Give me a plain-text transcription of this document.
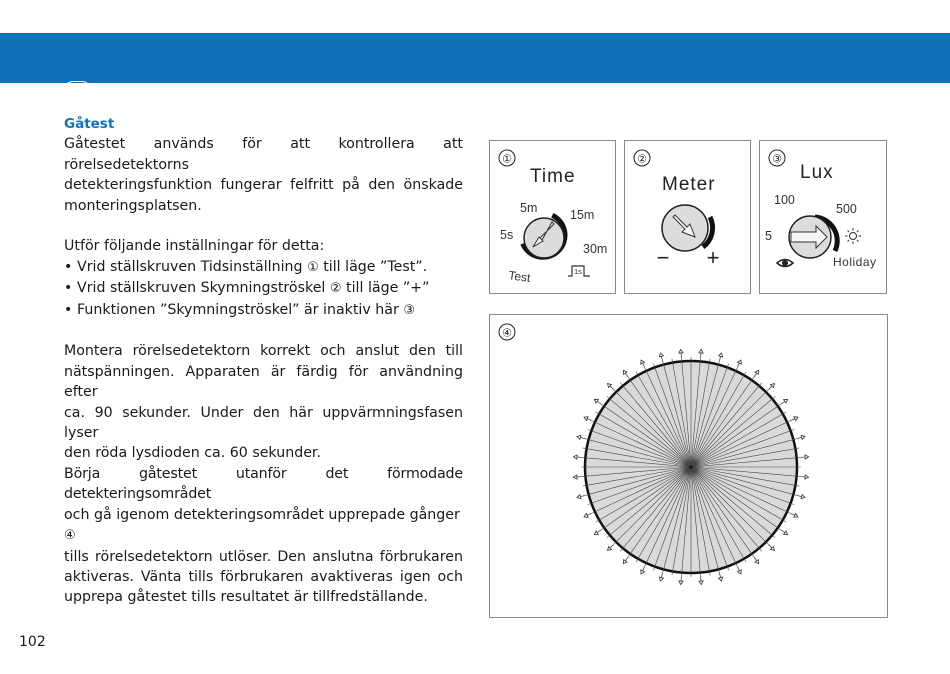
S
Gåtest
Gåtestet används för att kontrollera att rörelsedetektorns
detekteringsfunktion fungerar felfritt på den önskade
monteringsplatsen.
Utför följande inställningar för detta:
• Vrid ställskruven Tidsinställning ① till läge ”Test”.
• Vrid ställskruven Skymningströskel ② till läge ”+”
• Funktionen ”Skymningströskel” är inaktiv här ③
Montera rörelsedetektorn korrekt och anslut den till
nätspänningen. Apparaten är färdig för användning efter
ca. 90 sekunder. Under den här uppvärmningsfasen lyser
den röda lysdioden ca. 60 sekunder.
Börja gåtestet utanför det förmodade detekteringsområdet
och gå igenom detekteringsområdet upprepade gånger ④
tills rörelsedetektorn utlöser. Den anslutna förbrukaren
aktiveras. Vänta tills förbrukaren avaktiveras igen och
upprepa gåtestet tills resultatet är tillfredställande.
①
Time
5m	15m
5s
30m
Test	1s
②
Meter
− +
③
Lux
100
500
5
Holiday
④
102
